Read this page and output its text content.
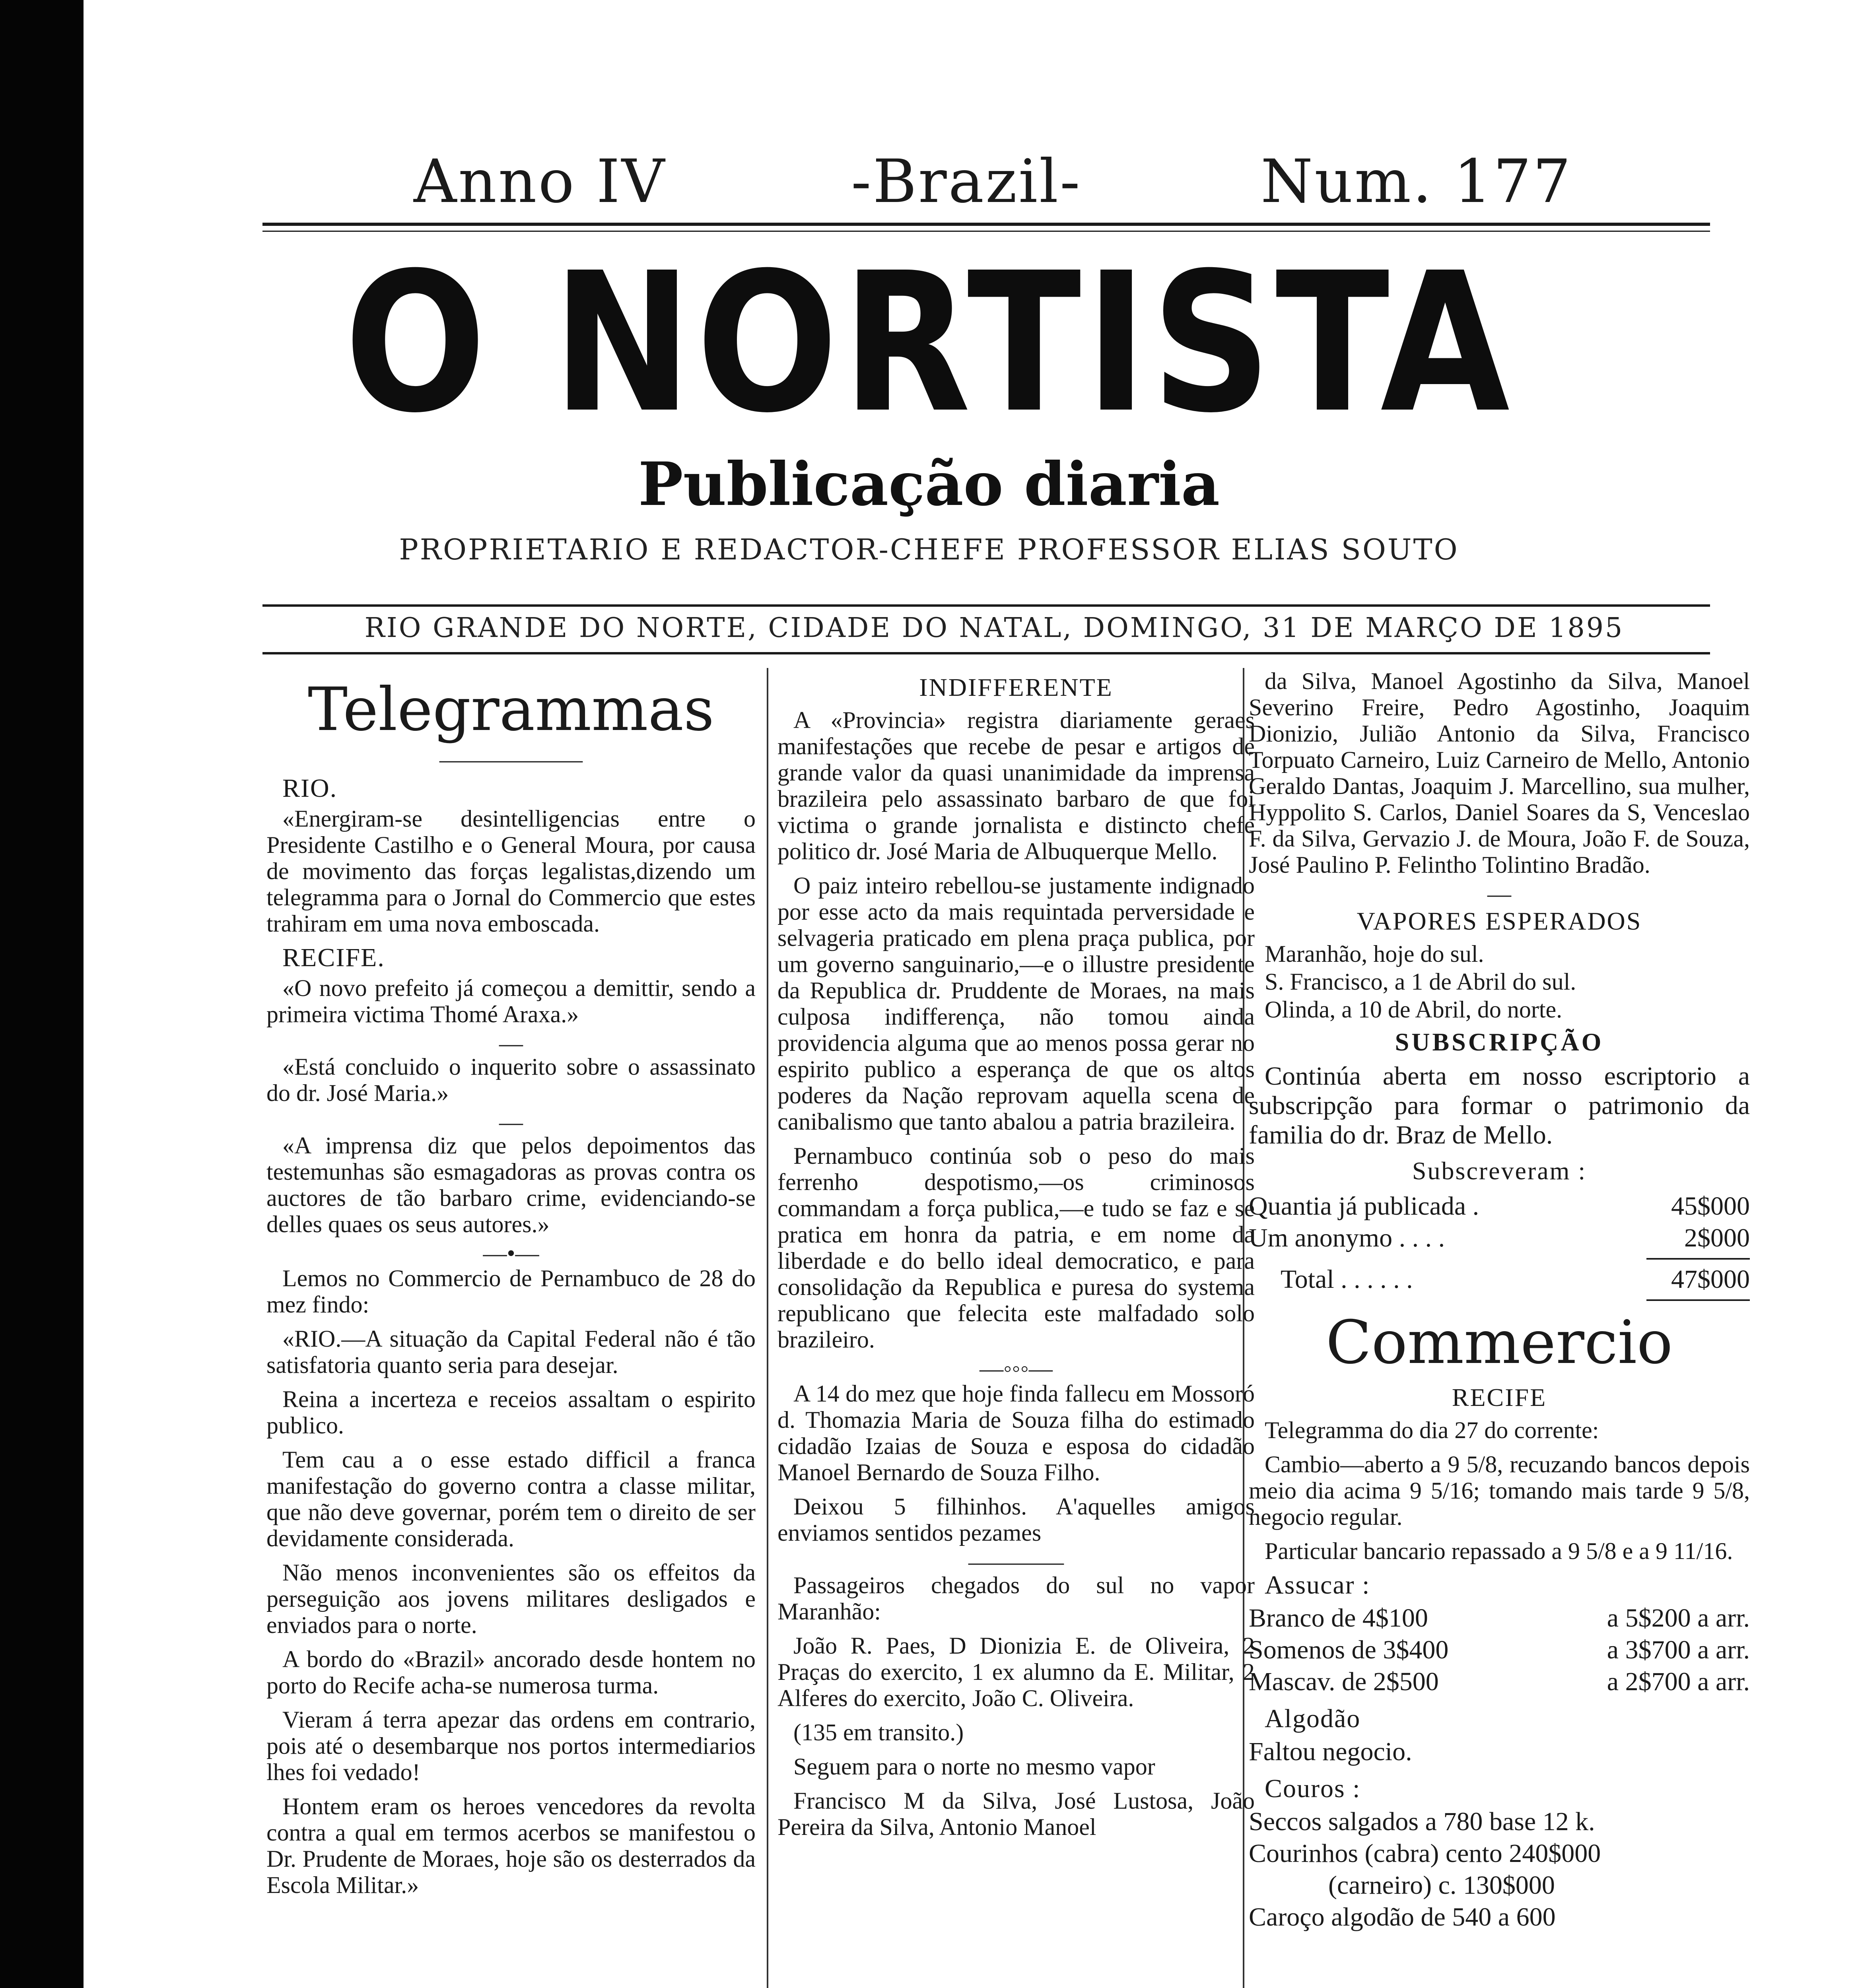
Anno IV	-Brazil-	Num. 177
O NORTISTA
Publicação diaria
PROPRIETARIO E REDACTOR-CHEFE PROFESSOR ELIAS SOUTO
RIO GRANDE DO NORTE, CIDADE DO NATAL, DOMINGO, 31 DE MARÇO DE 1895
Telegrammas
——————
RIO.

«Energiram-se desintelligencias entre o Presidente Castilho e o General Moura, por causa de movimento das forças legalistas,dizendo um telegramma para o Jornal do Commercio que estes trahiram em uma nova emboscada.

RECIFE.

«O novo prefeito já começou a demittir, sendo a primeira victima Thomé Araxa.»

—

«Está concluido o inquerito sobre o assassinato do dr. José Maria.»

—

«A imprensa diz que pelos depoimentos das testemunhas são esmagadoras as provas contra os auctores de tão barbaro crime, evidenciando-se delles quaes os seus autores.»

—•—

Lemos no Commercio de Pernambuco de 28 do mez findo:

«RIO.—A situação da Capital Federal não é tão satisfatoria quanto seria para desejar.

Reina a incerteza e receios assaltam o espirito publico.

Tem cau a o esse estado difficil a franca manifestação do governo contra a classe militar, que não deve governar, porém tem o direito de ser devidamente considerada.

Não menos inconvenientes são os effeitos da perseguição aos jovens militares desligados e enviados para o norte.

A bordo do «Brazil» ancorado desde hontem no porto do Recife acha-se numerosa turma.

Vieram á terra apezar das ordens em contrario, pois até o desembarque nos portos intermediarios lhes foi vedado!

Hontem eram os heroes vencedores da revolta contra a qual em termos acerbos se manifestou o Dr. Prudente de Moraes, hoje são os desterrados da Escola Militar.»

INDIFFERENTE

A «Provincia» registra diariamente geraes manifestações que recebe de pesar e artigos de grande valor da quasi unanimidade da imprensa brazileira pelo assassinato barbaro de que foi victima o grande jornalista e distincto chefe politico dr. José Maria de Albuquerque Mello.

O paiz inteiro rebellou-se justamente indignado por esse acto da mais requintada perversidade e selvageria praticado em plena praça publica, por um governo sanguinario,—e o illustre presidente da Republica dr. Pruddente de Moraes, na mais culposa indifferença, não tomou ainda providencia alguma que ao menos possa gerar no espirito publico a esperança de que os altos poderes da Nação reprovam aquella scena de canibalismo que tanto abalou a patria brazileira.

Pernambuco continúa sob o peso do mais ferrenho despotismo,—os criminosos commandam a força publica,—e tudo se faz e se pratica em honra da patria, e em nome da liberdade e do bello ideal democratico, e para consolidação da Republica e puresa do systema republicano que felecita este malfadado solo brazileiro.

—◦◦◦—

A 14 do mez que hoje finda fallecu em Mossoró d. Thomazia Maria de Souza filha do estimado cidadão Izaias de Souza e esposa do cidadão Manoel Bernardo de Souza Filho.

Deixou 5 filhinhos. A'aquelles amigos enviamos sentidos pezames

————

Passageiros chegados do sul no vapor Maranhão:

João R. Paes, D Dionizia E. de Oliveira, 2 Praças do exercito, 1 ex alumno da E. Militar, 2 Alferes do exercito, João C. Oliveira.

(135 em transito.)

Seguem para o norte no mesmo vapor

Francisco M da Silva, José Lustosa, João Pereira da Silva, Antonio Manoel

da Silva, Manoel Agostinho da Silva, Manoel Severino Freire, Pedro Agostinho, Joaquim Dionizio, Julião Antonio da Silva, Francisco Torpuato Carneiro, Luiz Carneiro de Mello, Antonio Geraldo Dantas, Joaquim J. Marcellino, sua mulher, Hyppolito S. Carlos, Daniel Soares da S, Venceslao F. da Silva, Gervazio J. de Moura, João F. de Souza, José Paulino P. Felintho Tolintino Bradão.

—
VAPORES ESPERADOS
Maranhão, hoje do sul.
S. Francisco, a 1 de Abril do sul.
Olinda, a 10 de Abril, do norte.
SUBSCRIPÇÃO

Continúa aberta em nosso escriptorio a subscripção para formar o patrimonio da familia do dr. Braz de Mello.

Subscreveram :
Quantia já publicada .	45$000
Um anonymo . . . .	2$000
Total . . . . . .	47$000
Commercio
RECIFE

Telegramma do dia 27 do corrente:

Cambio—aberto a 9 5/8, recuzando bancos depois meio dia acima 9 5/16; tomando mais tarde 9 5/8, negocio regular.

Particular bancario repassado a 9 5/8 e a 9 11/16.

Assucar :
Branco de 4$100	a 5$200 a arr.
Somenos de 3$400	a 3$700 a arr.
Mascav. de 2$500	a 2$700 a arr.
Algodão
Faltou negocio.
Couros :
Seccos salgados a 780 base 12 k.
Courinhos (cabra) cento 240$000
(carneiro) c. 130$000
Caroço algodão de 540 a 600
